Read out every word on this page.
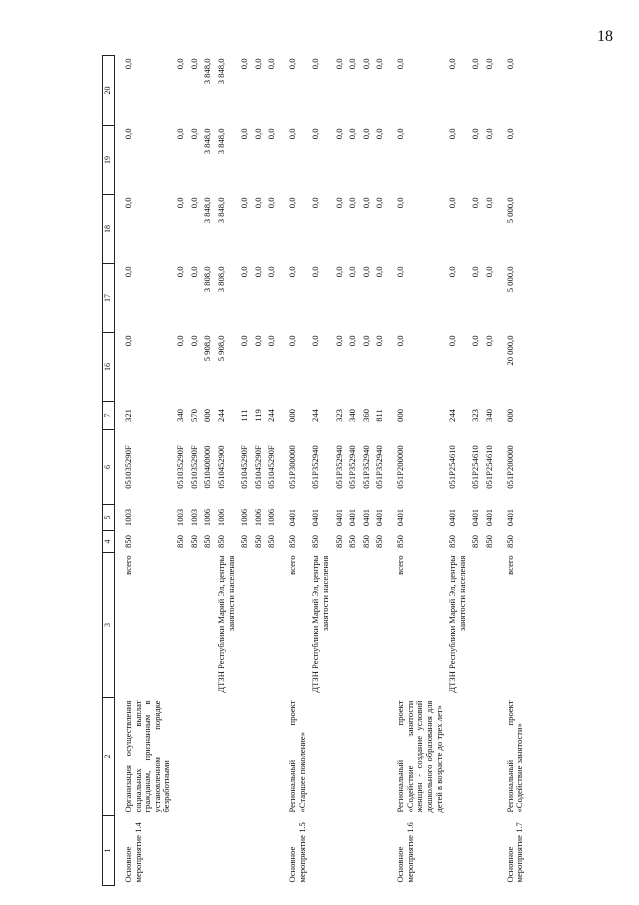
18
1	2	3	4	5	6	7	16	17	18	19	20
Основное мероприятие 1.4	Организация осуществления социальных выплат гражданам, признанным в установленном порядке безработными	всего	850	1003	051035290F	321	0,0	0,0	0,0	0,0	0,0
			850	1003	051035290F	340	0,0	0,0	0,0	0,0	0,0
			850	1003	051035290F	570	0,0	0,0	0,0	0,0	0,0
			850	1006	0510400000	000	5 908,0	3 808,0	3 848,0	3 848,0	3 848,0
		ДТЗН Республики Марий Эл, центры занятости населения	850	1006	0510452900	244	5 908,0	3 808,0	3 848,0	3 848,0	3 848,0
			850	1006	051045290F	111	0,0	0,0	0,0	0,0	0,0
			850	1006	051045290F	119	0,0	0,0	0,0	0,0	0,0
			850	1006	051045290F	244	0,0	0,0	0,0	0,0	0,0
Основное мероприятие 1.5	Региональный проект «Старшее поколение»	всего	850	0401	051P300000	000	0,0	0,0	0,0	0,0	0,0
		ДТЗН Республики Марий Эл, центры занятости населения	850	0401	051P352940	244	0,0	0,0	0,0	0,0	0,0
			850	0401	051P352940	323	0,0	0,0	0,0	0,0	0,0
			850	0401	051P352940	340	0,0	0,0	0,0	0,0	0,0
			850	0401	051P352940	360	0,0	0,0	0,0	0,0	0,0
			850	0401	051P352940	811	0,0	0,0	0,0	0,0	0,0
Основное мероприятие 1.6	Региональный проект «Содействие занятости женщин - создание условий дошкольного образования для детей в возрасте до трех лет»	всего	850	0401	051P200000	000	0,0	0,0	0,0	0,0	0,0
		ДТЗН Республики Марий Эл, центры занятости населения	850	0401	051P254610	244	0,0	0,0	0,0	0,0	0,0
			850	0401	051P254610	323	0,0	0,0	0,0	0,0	0,0
			850	0401	051P254610	340	0,0	0,0	0,0	0,0	0,0
Основное мероприятие 1.7	Региональный проект «Содействие занятости»	всего	850	0401	051P200000	000	20 000,0	5 000,0	5 000,0	0,0	0,0
